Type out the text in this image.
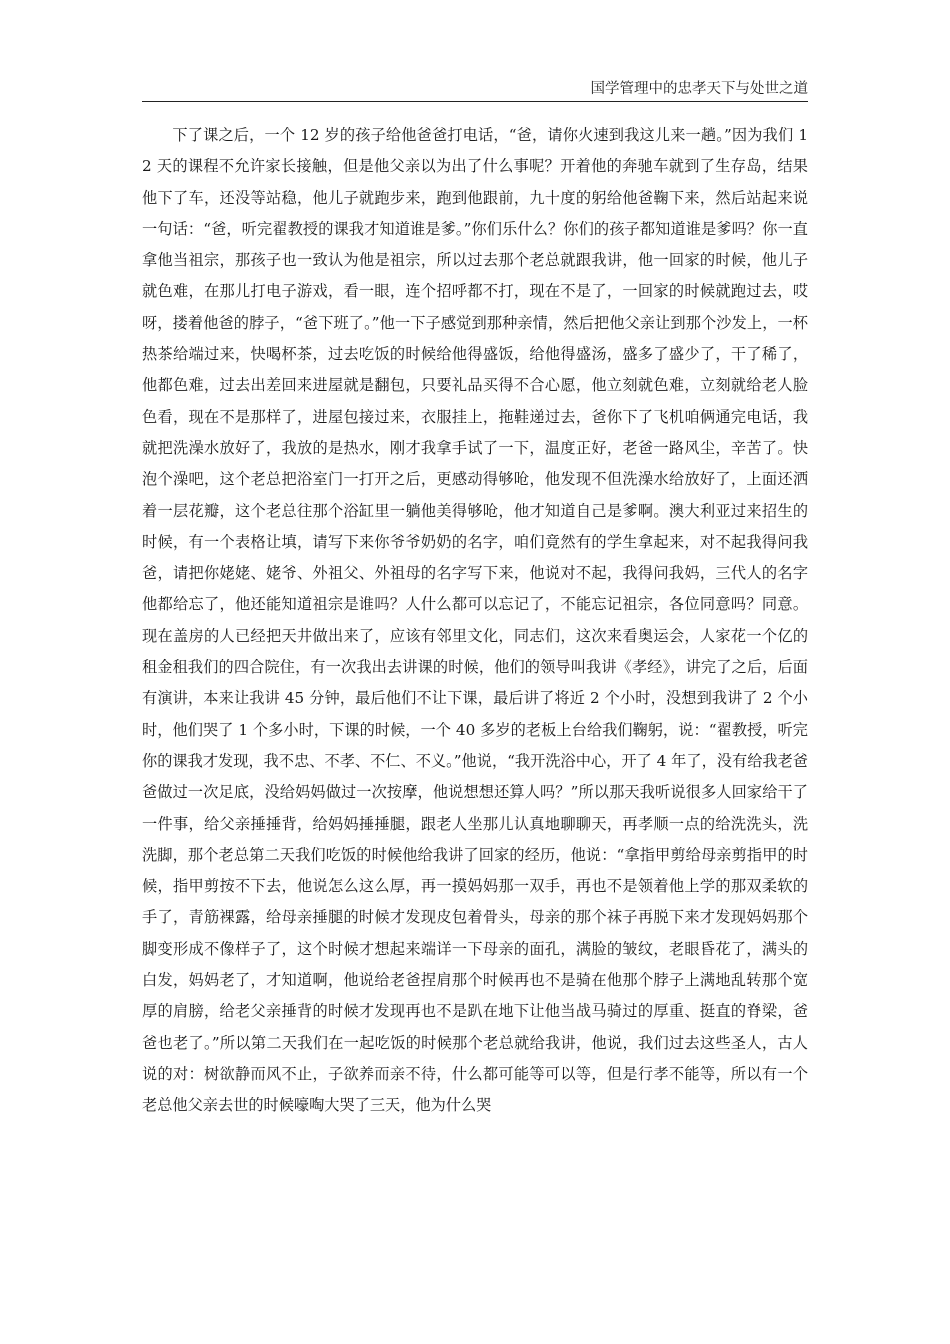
国学管理中的忠孝天下与处世之道

下了课之后，一个 12 岁的孩子给他爸爸打电话，“爸，请你火速到我这儿来一趟。”因为我们 12 天的课程不允许家长接触，但是他父亲以为出了什么事呢？开着他的奔驰车就到了生存岛，结果他下了车，还没等站稳，他儿子就跑步来，跑到他跟前，九十度的躬给他爸鞠下来，然后站起来说一句话：“爸，听完翟教授的课我才知道谁是爹。”你们乐什么？你们的孩子都知道谁是爹吗？你一直拿他当祖宗，那孩子也一致认为他是祖宗，所以过去那个老总就跟我讲，他一回家的时候，他儿子就色难，在那儿打电子游戏，看一眼，连个招呼都不打，现在不是了，一回家的时候就跑过去，哎呀，搂着他爸的脖子，“爸下班了。”他一下子感觉到那种亲情，然后把他父亲让到那个沙发上，一杯热茶给端过来，快喝杯茶，过去吃饭的时候给他得盛饭，给他得盛汤，盛多了盛少了，干了稀了，他都色难，过去出差回来进屋就是翻包，只要礼品买得不合心愿，他立刻就色难，立刻就给老人脸色看，现在不是那样了，进屋包接过来，衣服挂上，拖鞋递过去，爸你下了飞机咱俩通完电话，我就把洗澡水放好了，我放的是热水，刚才我拿手试了一下，温度正好，老爸一路风尘，辛苦了。快泡个澡吧，这个老总把浴室门一打开之后，更感动得够呛，他发现不但洗澡水给放好了，上面还洒着一层花瓣，这个老总往那个浴缸里一躺他美得够呛，他才知道自己是爹啊。澳大利亚过来招生的时候，有一个表格让填，请写下来你爷爷奶奶的名字，咱们竟然有的学生拿起来，对不起我得问我爸，请把你姥姥、姥爷、外祖父、外祖母的名字写下来，他说对不起，我得问我妈，三代人的名字他都给忘了，他还能知道祖宗是谁吗？人什么都可以忘记了，不能忘记祖宗，各位同意吗？同意。现在盖房的人已经把天井做出来了，应该有邻里文化，同志们，这次来看奥运会，人家花一个亿的租金租我们的四合院住，有一次我出去讲课的时候，他们的领导叫我讲《孝经》，讲完了之后，后面有演讲，本来让我讲 45 分钟，最后他们不让下课，最后讲了将近 2 个小时，没想到我讲了 2 个小时，他们哭了 1 个多小时，下课的时候，一个 40 多岁的老板上台给我们鞠躬，说：“翟教授，听完你的课我才发现，我不忠、不孝、不仁、不义。”他说，“我开洗浴中心，开了 4 年了，没有给我老爸爸做过一次足底，没给妈妈做过一次按摩，他说想想还算人吗？”所以那天我听说很多人回家给干了一件事，给父亲捶捶背，给妈妈捶捶腿，跟老人坐那儿认真地聊聊天，再孝顺一点的给洗洗头，洗洗脚，那个老总第二天我们吃饭的时候他给我讲了回家的经历，他说：“拿指甲剪给母亲剪指甲的时候，指甲剪按不下去，他说怎么这么厚，再一摸妈妈那一双手，再也不是领着他上学的那双柔软的手了，青筋裸露，给母亲捶腿的时候才发现皮包着骨头，母亲的那个袜子再脱下来才发现妈妈那个脚变形成不像样子了，这个时候才想起来端详一下母亲的面孔，满脸的皱纹，老眼昏花了，满头的白发，妈妈老了，才知道啊，他说给老爸捏肩那个时候再也不是骑在他那个脖子上满地乱转那个宽厚的肩膀，给老父亲捶背的时候才发现再也不是趴在地下让他当战马骑过的厚重、挺直的脊梁，爸爸也老了。”所以第二天我们在一起吃饭的时候那个老总就给我讲，他说，我们过去这些圣人，古人说的对：树欲静而风不止，子欲养而亲不待，什么都可能等可以等，但是行孝不能等，所以有一个老总他父亲去世的时候嚎啕大哭了三天，他为什么哭
